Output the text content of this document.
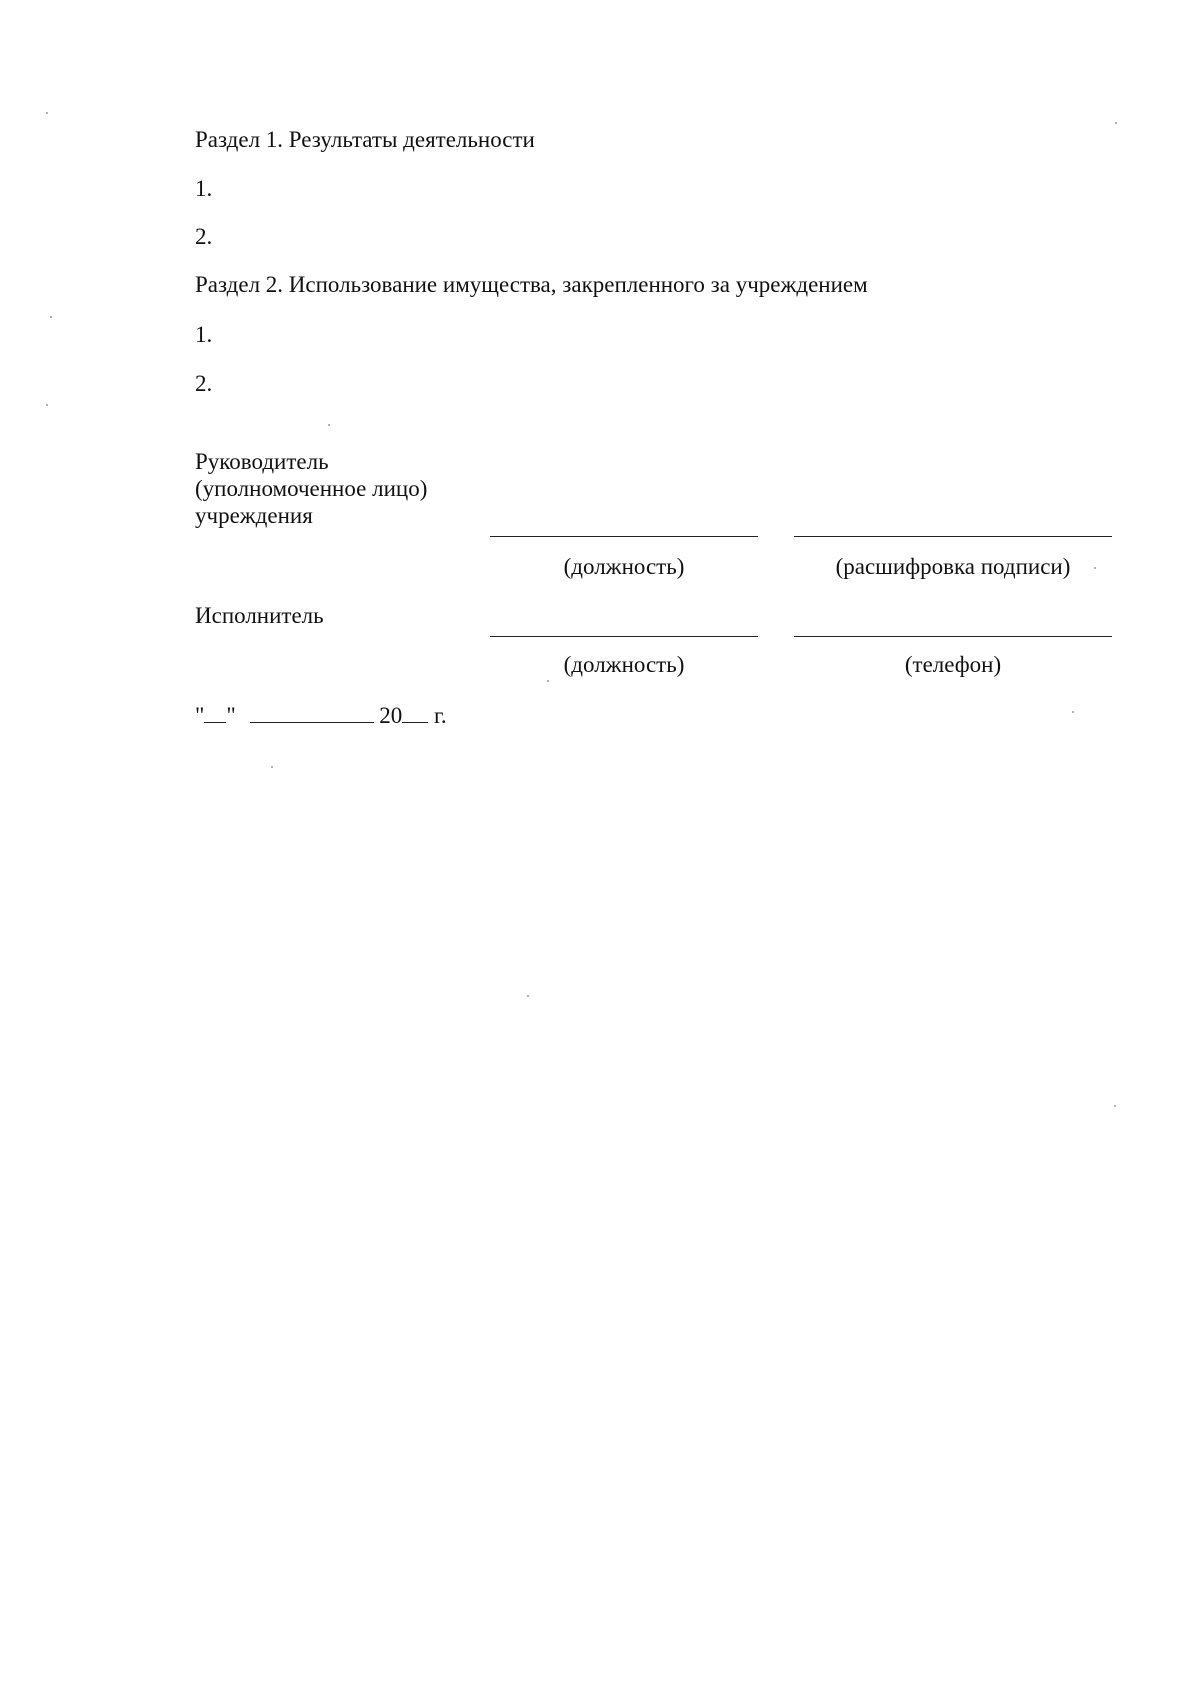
Раздел 1. Результаты деятельности
1.
2.
Раздел 2. Использование имущества, закрепленного за учреждением
1.
2.
Руководитель
(уполномоченное лицо)
учреждения
(должность)	(расшифровка подписи)
Исполнитель
(должность)	(телефон)
" "	20 г.
